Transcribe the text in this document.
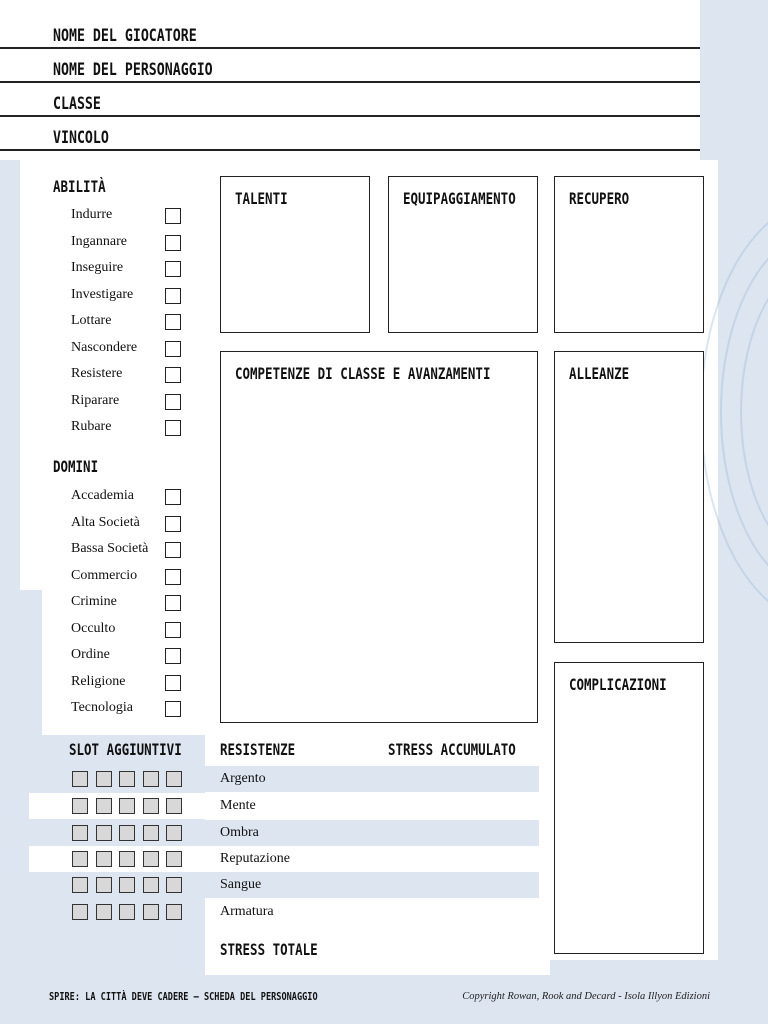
NOME DEL GIOCATORE
NOME DEL PERSONAGGIO
CLASSE
VINCOLO
ABILITÀ
Indurre
Ingannare
Inseguire
Investigare
Lottare
Nascondere
Resistere
Riparare
Rubare
DOMINI
Accademia
Alta Società
Bassa Società
Commercio
Crimine
Occulto
Ordine
Religione
Tecnologia
TALENTI	EQUIPAGGIAMENTO	RECUPERO
COMPETENZE DI CLASSE E AVANZAMENTI	ALLEANZE
COMPLICAZIONI
SLOT AGGIUNTIVI RESISTENZE	STRESS ACCUMULATO
Argento
Mente
Ombra
Reputazione
Sangue
Armatura
STRESS TOTALE
SPIRE: LA CITTÀ DEVE CADERE – SCHEDA DEL PERSONAGGIO	Copyright Rowan, Rook and Decard - Isola Illyon Edizioni
